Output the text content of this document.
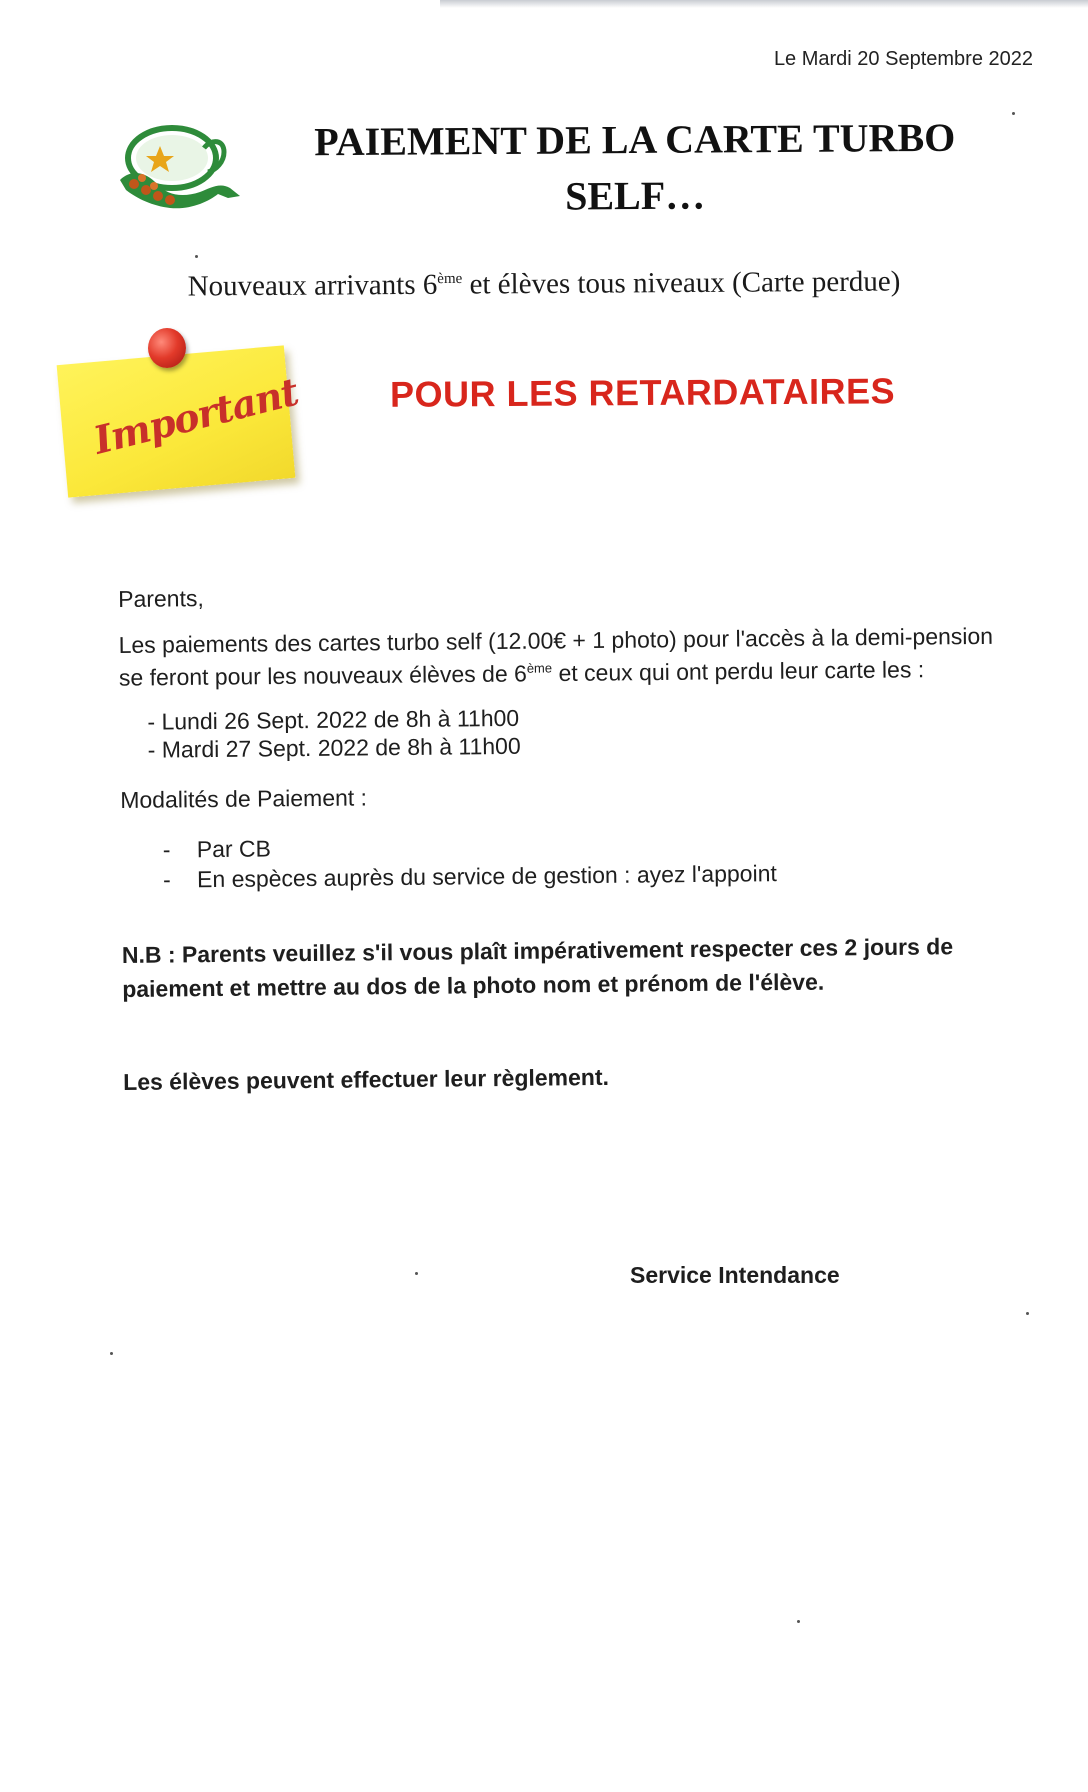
Le Mardi 20 Septembre 2022
PAIEMENT DE LA CARTE TURBO
SELF…
Nouveaux arrivants 6ème et élèves tous niveaux (Carte perdue)
Important POUR LES RETARDATAIRES

Parents,

Les paiements des cartes turbo self (12.00€ + 1 photo) pour l'accès à la demi-pension se feront pour les nouveaux élèves de 6ème et ceux qui ont perdu leur carte les :

- Lundi 26 Sept. 2022 de 8h à 11h00
- Mardi 27 Sept. 2022 de 8h à 11h00

Modalités de Paiement :

- Par CB
- En espèces auprès du service de gestion : ayez l'appoint

N.B : Parents veuillez s'il vous plaît impérativement respecter ces 2 jours de paiement et mettre au dos de la photo nom et prénom de l'élève.

Les élèves peuvent effectuer leur règlement.

Service Intendance
